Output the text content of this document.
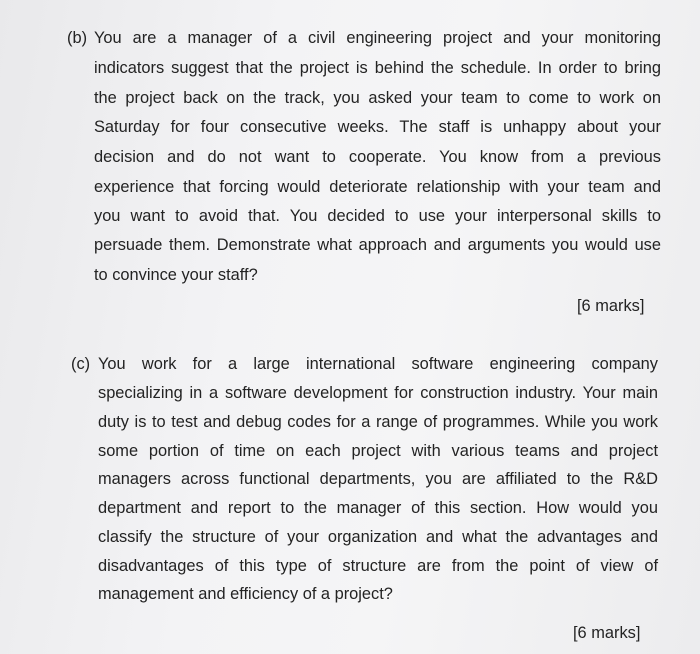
(b) You are a manager of a civil engineering project and your monitoring
indicators suggest that the project is behind the schedule. In order to bring
the project back on the track, you asked your team to come to work on
Saturday for four consecutive weeks. The staff is unhappy about your
decision and do not want to cooperate. You know from a previous
experience that forcing would deteriorate relationship with your team and
you want to avoid that. You decided to use your interpersonal skills to
persuade them. Demonstrate what approach and arguments you would use
to convince your staff?
[6 marks]
(c) You work for a large international software engineering company
specializing in a software development for construction industry. Your main
duty is to test and debug codes for a range of programmes. While you work
some portion of time on each project with various teams and project
managers across functional departments, you are affiliated to the R&D
department and report to the manager of this section. How would you
classify the structure of your organization and what the advantages and
disadvantages of this type of structure are from the point of view of
management and efficiency of a project?
[6 marks]
